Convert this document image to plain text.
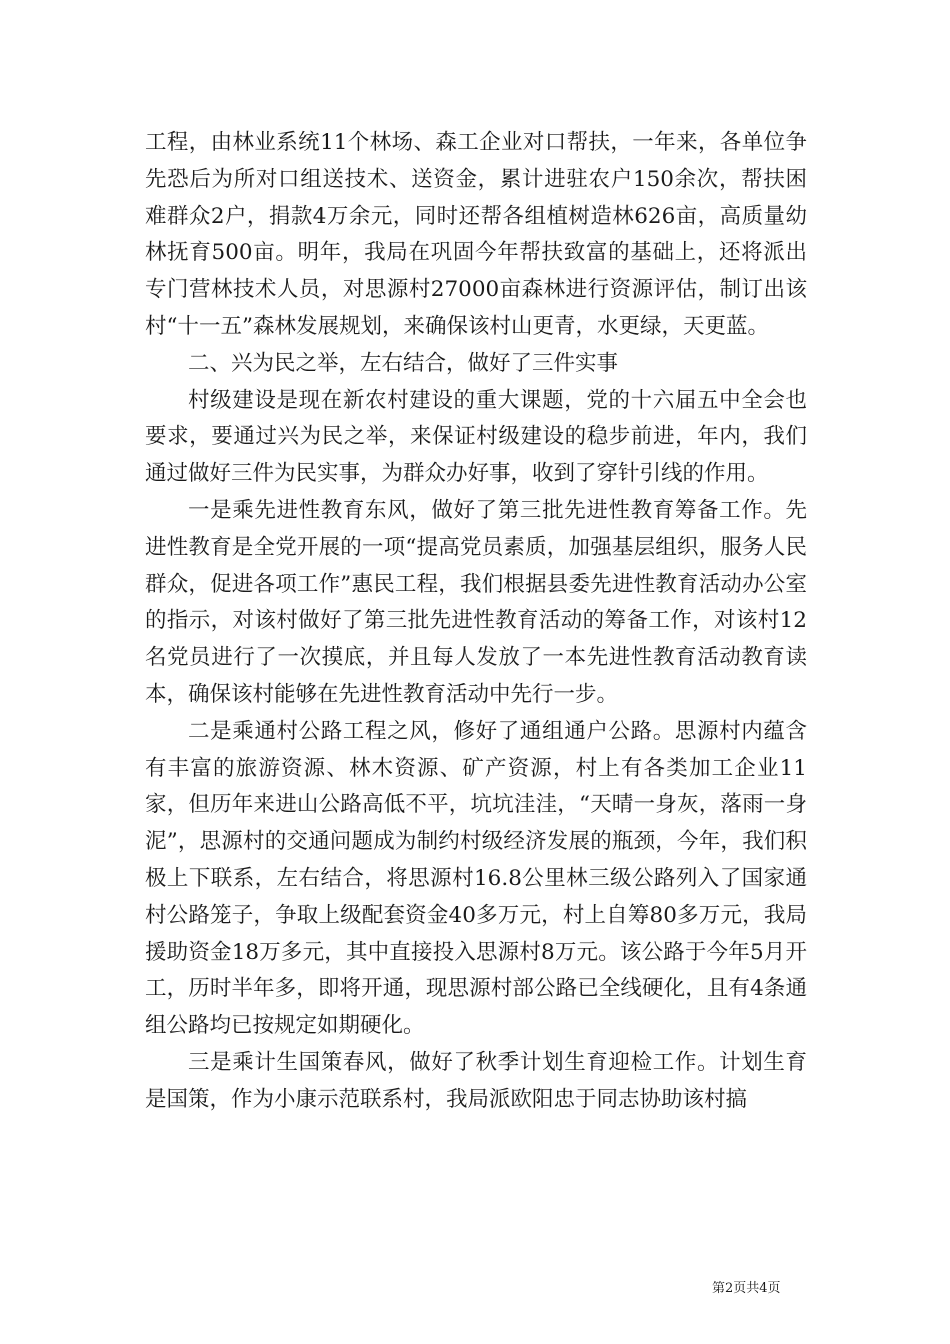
工程，由林业系统11个林场、森工企业对口帮扶，一年来，各单位争先恐后为所对口组送技术、送资金，累计进驻农户150余次，帮扶困难群众2户，捐款4万余元，同时还帮各组植树造林626亩，高质量幼林抚育500亩。明年，我局在巩固今年帮扶致富的基础上，还将派出专门营林技术人员，对思源村27000亩森林进行资源评估，制订出该村“十一五”森林发展规划，来确保该村山更青，水更绿，天更蓝。

二、兴为民之举，左右结合，做好了三件实事

村级建设是现在新农村建设的重大课题，党的十六届五中全会也要求，要通过兴为民之举，来保证村级建设的稳步前进，年内，我们通过做好三件为民实事，为群众办好事，收到了穿针引线的作用。

一是乘先进性教育东风，做好了第三批先进性教育筹备工作。先进性教育是全党开展的一项“提高党员素质，加强基层组织，服务人民群众，促进各项工作”惠民工程，我们根据县委先进性教育活动办公室的指示，对该村做好了第三批先进性教育活动的筹备工作，对该村12名党员进行了一次摸底，并且每人发放了一本先进性教育活动教育读本，确保该村能够在先进性教育活动中先行一步。

二是乘通村公路工程之风，修好了通组通户公路。思源村内蕴含有丰富的旅游资源、林木资源、矿产资源，村上有各类加工企业11家，但历年来进山公路高低不平，坑坑洼洼，“天晴一身灰，落雨一身泥”，思源村的交通问题成为制约村级经济发展的瓶颈，今年，我们积极上下联系，左右结合，将思源村16.8公里林三级公路列入了国家通村公路笼子，争取上级配套资金40多万元，村上自筹80多万元，我局援助资金18万多元，其中直接投入思源村8万元。该公路于今年5月开工，历时半年多，即将开通，现思源村部公路已全线硬化，且有4条通组公路均已按规定如期硬化。

三是乘计生国策春风，做好了秋季计划生育迎检工作。计划生育是国策，作为小康示范联系村，我局派欧阳忠于同志协助该村搞

第2页共4页
